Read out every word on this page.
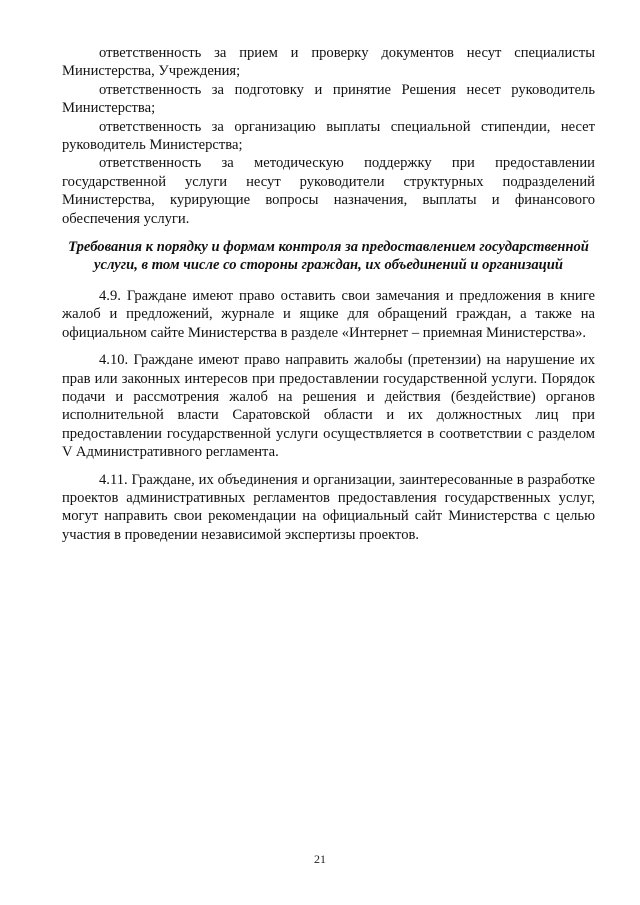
ответственность за прием и проверку документов несут специалисты Министерства, Учреждения;

ответственность за подготовку и принятие Решения несет руководитель Министерства;

ответственность за организацию выплаты специальной стипендии, несет руководитель Министерства;

ответственность за методическую поддержку при предоставлении государственной услуги несут руководители структурных подразделений Министерства, курирующие вопросы назначения, выплаты и финансового обеспечения услуги.

Требования к порядку и формам контроля за предоставлением государственной услуги, в том числе со стороны граждан, их объединений и организаций

4.9. Граждане имеют право оставить свои замечания и предложения в книге жалоб и предложений, журнале и ящике для обращений граждан, а также на официальном сайте Министерства в разделе «Интернет – приемная Министерства».

4.10. Граждане имеют право направить жалобы (претензии) на нарушение их прав или законных интересов при предоставлении государственной услуги. Порядок подачи и рассмотрения жалоб на решения и действия (бездействие) органов исполнительной власти Саратовской области и их должностных лиц при предоставлении государственной услуги осуществляется в соответствии с разделом V Административного регламента.

4.11. Граждане, их объединения и организации, заинтересованные в разработке проектов административных регламентов предоставления государственных услуг, могут направить свои рекомендации на официальный сайт Министерства с целью участия в проведении независимой экспертизы проектов.

21
